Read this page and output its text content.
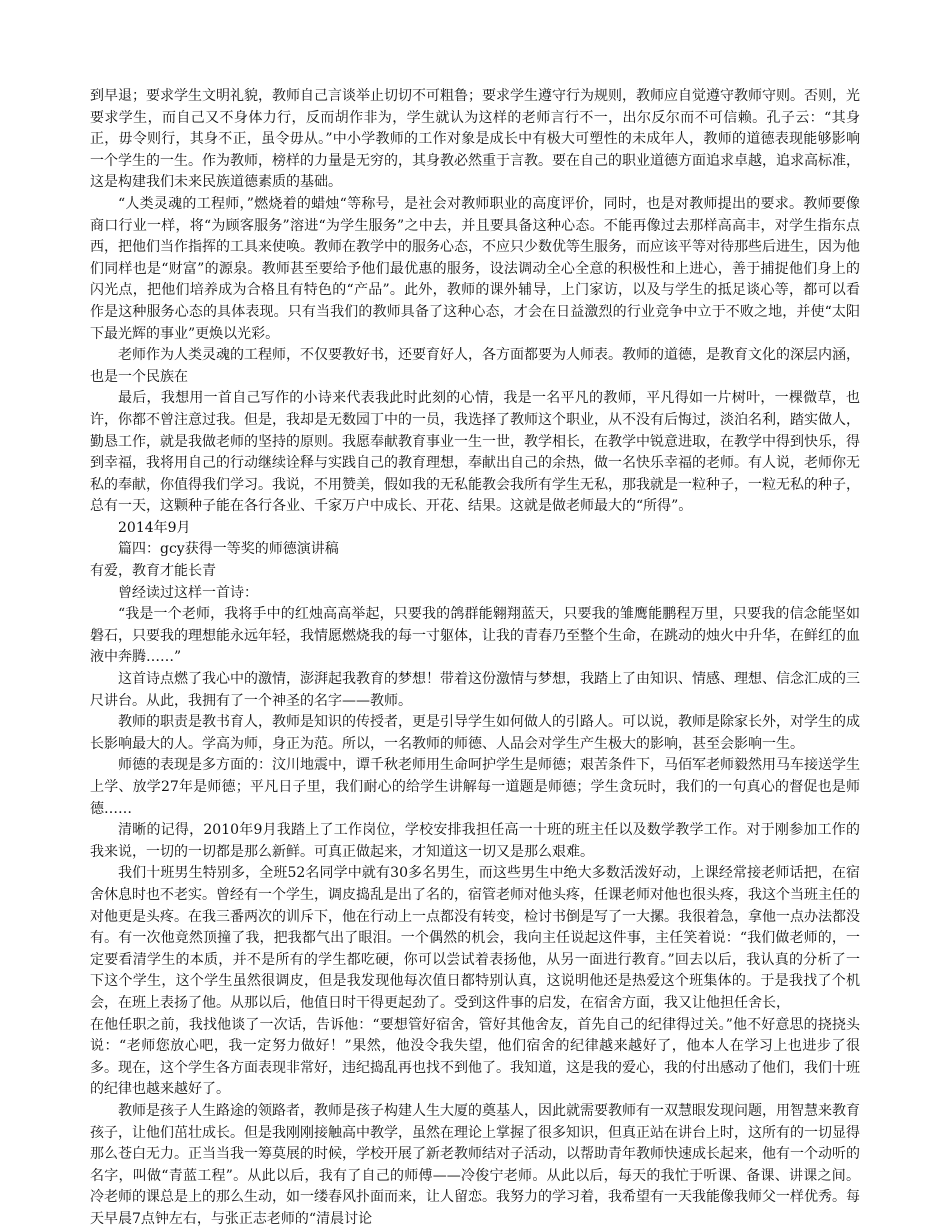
到早退；要求学生文明礼貌，教师自己言谈举止切切不可粗鲁；要求学生遵守行为规则，教师应自觉遵守教师守则。否则，光要求学生，而自己又不身体力行，反而胡作非为，学生就认为这样的老师言行不一，出尔反尔而不可信赖。孔子云：“其身正，毋令则行，其身不正，虽令毋从。”中小学教师的工作对象是成长中有极大可塑性的未成年人，教师的道德表现能够影响一个学生的一生。作为教师，榜样的力量是无穷的，其身教必然重于言教。要在自己的职业道德方面追求卓越，追求高标准，这是构建我们未来民族道德素质的基础。

“人类灵魂的工程师，”燃烧着的蜡烛“等称号，是社会对教师职业的高度评价，同时，也是对教师提出的要求。教师要像商口行业一样，将“为顾客服务”溶进“为学生服务”之中去，并且要具备这种心态。不能再像过去那样高高丰，对学生指东点西，把他们当作指挥的工具来使唤。教师在教学中的服务心态，不应只少数优等生服务，而应该平等对待那些后进生，因为他们同样也是“财富”的源泉。教师甚至要给予他们最优惠的服务，设法调动全心全意的积极性和上进心，善于捕捉他们身上的闪光点，把他们培养成为合格且有特色的“产品”。此外，教师的课外辅导，上门家访，以及与学生的抵足谈心等，都可以看作是这种服务心态的具体表现。只有当我们的教师具备了这种心态，才会在日益激烈的行业竞争中立于不败之地，并使“太阳下最光辉的事业”更焕以光彩。

老师作为人类灵魂的工程师，不仅要教好书，还要育好人，各方面都要为人师表。教师的道德，是教育文化的深层内涵，也是一个民族在

最后，我想用一首自己写作的小诗来代表我此时此刻的心情，我是一名平凡的教师，平凡得如一片树叶，一棵微草，也许，你都不曾注意过我。但是，我却是无数园丁中的一员，我选择了教师这个职业，从不没有后悔过，淡泊名利，踏实做人，勤恳工作，就是我做老师的坚持的原则。我愿奉献教育事业一生一世，教学相长，在教学中锐意进取，在教学中得到快乐，得到幸福，我将用自己的行动继续诠释与实践自己的教育理想，奉献出自己的余热，做一名快乐幸福的老师。有人说，老师你无私的奉献，你值得我们学习。我说，不用赞美，假如我的无私能教会我所有学生无私，那我就是一粒种子，一粒无私的种子，总有一天，这颗种子能在各行各业、千家万户中成长、开花、结果。这就是做老师最大的“所得”。

2014年9月

篇四：gcy获得一等奖的师德演讲稿

有爱，教育才能长青

曾经读过这样一首诗：

“我是一个老师，我将手中的红烛高高举起，只要我的鸽群能翱翔蓝天，只要我的雏鹰能鹏程万里，只要我的信念能坚如磐石，只要我的理想能永远年轻，我情愿燃烧我的每一寸躯体，让我的青春乃至整个生命，在跳动的烛火中升华，在鲜红的血液中奔腾……”

这首诗点燃了我心中的激情，澎湃起我教育的梦想！带着这份激情与梦想，我踏上了由知识、情感、理想、信念汇成的三尺讲台。从此，我拥有了一个神圣的名字——教师。

教师的职责是教书育人，教师是知识的传授者，更是引导学生如何做人的引路人。可以说，教师是除家长外，对学生的成长影响最大的人。学高为师，身正为范。所以，一名教师的师德、人品会对学生产生极大的影响，甚至会影响一生。

师德的表现是多方面的：汶川地震中，谭千秋老师用生命呵护学生是师德；艰苦条件下，马佰军老师毅然用马车接送学生上学、放学27年是师德；平凡日子里，我们耐心的给学生讲解每一道题是师德；学生贪玩时，我们的一句真心的督促也是师德……

清晰的记得，2010年9月我踏上了工作岗位，学校安排我担任高一十班的班主任以及数学教学工作。对于刚参加工作的我来说，一切的一切都是那么新鲜。可真正做起来，才知道这一切又是那么艰难。

我们十班男生特别多，全班52名同学中就有30多名男生，而这些男生中绝大多数活泼好动，上课经常接老师话把，在宿舍休息时也不老实。曾经有一个学生，调皮捣乱是出了名的，宿管老师对他头疼，任课老师对他也很头疼，我这个当班主任的对他更是头疼。在我三番两次的训斥下，他在行动上一点都没有转变，检讨书倒是写了一大摞。我很着急，拿他一点办法都没有。有一次他竟然顶撞了我，把我都气出了眼泪。一个偶然的机会，我向主任说起这件事，主任笑着说：“我们做老师的，一定要看清学生的本质，并不是所有的学生都吃硬，你可以尝试着表扬他，从另一面进行教育。”回去以后，我认真的分析了一下这个学生，这个学生虽然很调皮，但是我发现他每次值日都特别认真，这说明他还是热爱这个班集体的。于是我找了个机会，在班上表扬了他。从那以后，他值日时干得更起劲了。受到这件事的启发，在宿舍方面，我又让他担任舍长，

在他任职之前，我找他谈了一次话，告诉他：“要想管好宿舍，管好其他舍友，首先自己的纪律得过关。”他不好意思的挠挠头说：“老师您放心吧，我一定努力做好！”果然，他没令我失望，他们宿舍的纪律越来越好了，他本人在学习上也进步了很多。现在，这个学生各方面表现非常好，违纪捣乱再也找不到他了。我知道，这是我的爱心，我的付出感动了他们，我们十班的纪律也越来越好了。

教师是孩子人生路途的领路者，教师是孩子构建人生大厦的奠基人，因此就需要教师有一双慧眼发现问题，用智慧来教育孩子，让他们茁壮成长。但是我刚刚接触高中教学，虽然在理论上掌握了很多知识，但真正站在讲台上时，这所有的一切显得那么苍白无力。正当当我一筹莫展的时候，学校开展了新老教师结对子活动，以帮助青年教师快速成长起来，他有一个动听的名字，叫做“青蓝工程”。从此以后，我有了自己的师傅——冷俊宁老师。从此以后，每天的我忙于听课、备课、讲课之间。冷老师的课总是上的那么生动，如一缕春风扑面而来，让人留恋。我努力的学习着，我希望有一天我能像我师父一样优秀。每天早晨7点钟左右，与张正志老师的“清晨讨论
